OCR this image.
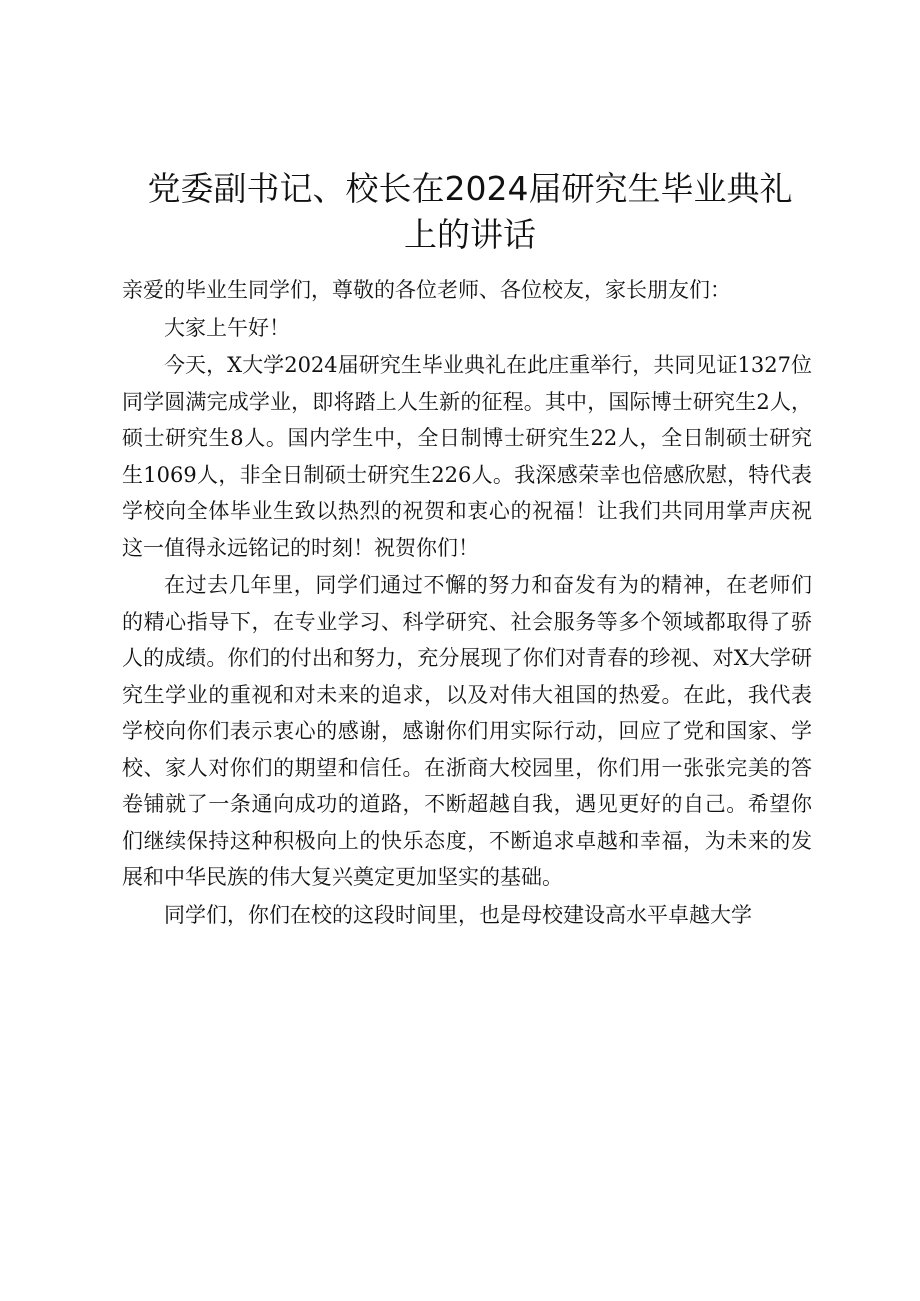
党委副书记、校长在2024届研究生毕业典礼
上的讲话

亲爱的毕业生同学们，尊敬的各位老师、各位校友，家长朋友们：

大家上午好！

今天，X大学2024届研究生毕业典礼在此庄重举行，共同见证1327位同学圆满完成学业，即将踏上人生新的征程。其中，国际博士研究生2人，硕士研究生8人。国内学生中，全日制博士研究生22人，全日制硕士研究生1069人，非全日制硕士研究生226人。我深感荣幸也倍感欣慰，特代表学校向全体毕业生致以热烈的祝贺和衷心的祝福！让我们共同用掌声庆祝这一值得永远铭记的时刻！祝贺你们！

在过去几年里，同学们通过不懈的努力和奋发有为的精神，在老师们的精心指导下，在专业学习、科学研究、社会服务等多个领域都取得了骄人的成绩。你们的付出和努力，充分展现了你们对青春的珍视、对X大学研究生学业的重视和对未来的追求，以及对伟大祖国的热爱。在此，我代表学校向你们表示衷心的感谢，感谢你们用实际行动，回应了党和国家、学校、家人对你们的期望和信任。在浙商大校园里，你们用一张张完美的答卷铺就了一条通向成功的道路，不断超越自我，遇见更好的自己。希望你们继续保持这种积极向上的快乐态度，不断追求卓越和幸福，为未来的发展和中华民族的伟大复兴奠定更加坚实的基础。

同学们，你们在校的这段时间里，也是母校建设高水平卓越大学
